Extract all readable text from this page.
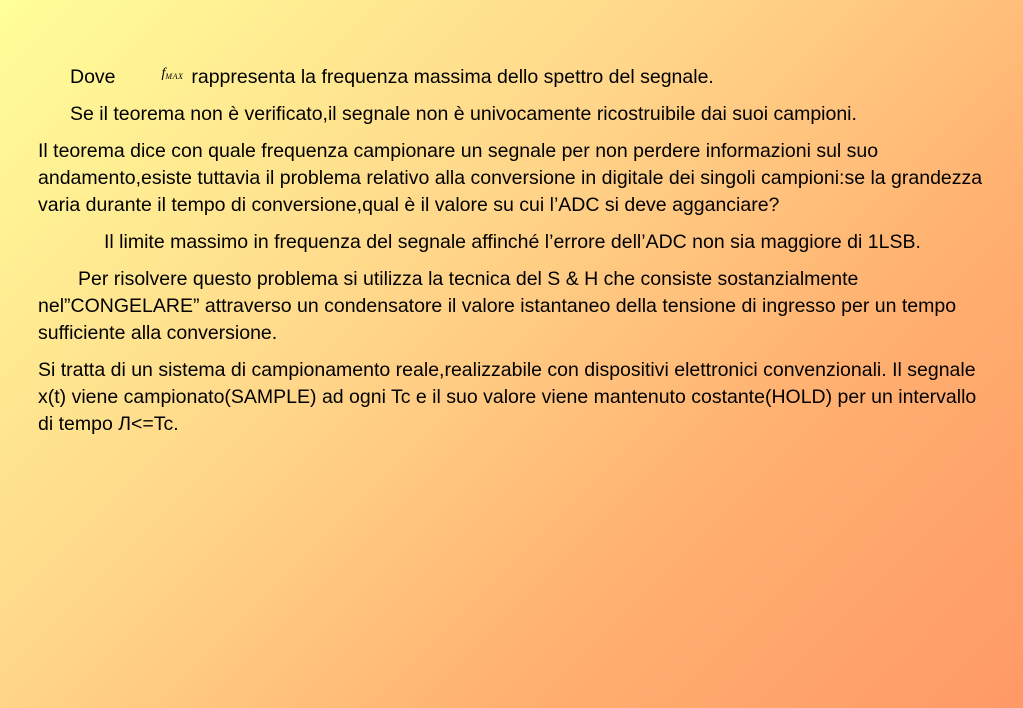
Dove	$f_{MAX}$ rappresenta la frequenza massima dello spettro del segnale.

Se il teorema non è verificato,il segnale non è univocamente ricostruibile dai suoi campioni.

Il teorema dice con quale frequenza campionare un segnale per non perdere informazioni sul suo andamento,esiste tuttavia il problema relativo alla conversione in digitale dei singoli campioni:se la grandezza varia durante il tempo di conversione,qual è il valore su cui l’ADC si deve agganciare?

Il limite massimo in frequenza del segnale affinché l’errore dell’ADC non sia maggiore di 1LSB.

Per risolvere questo problema si utilizza la tecnica del S & H che consiste sostanzialmente nel”CONGELARE” attraverso un condensatore il valore istantaneo della tensione di ingresso per un tempo sufficiente alla conversione.

Si tratta di un sistema di campionamento reale,realizzabile con dispositivi elettronici convenzionali. Il segnale x(t) viene campionato(SAMPLE) ad ogni Tc e il suo valore viene mantenuto costante(HOLD) per un intervallo di tempo Л<=Tc.
